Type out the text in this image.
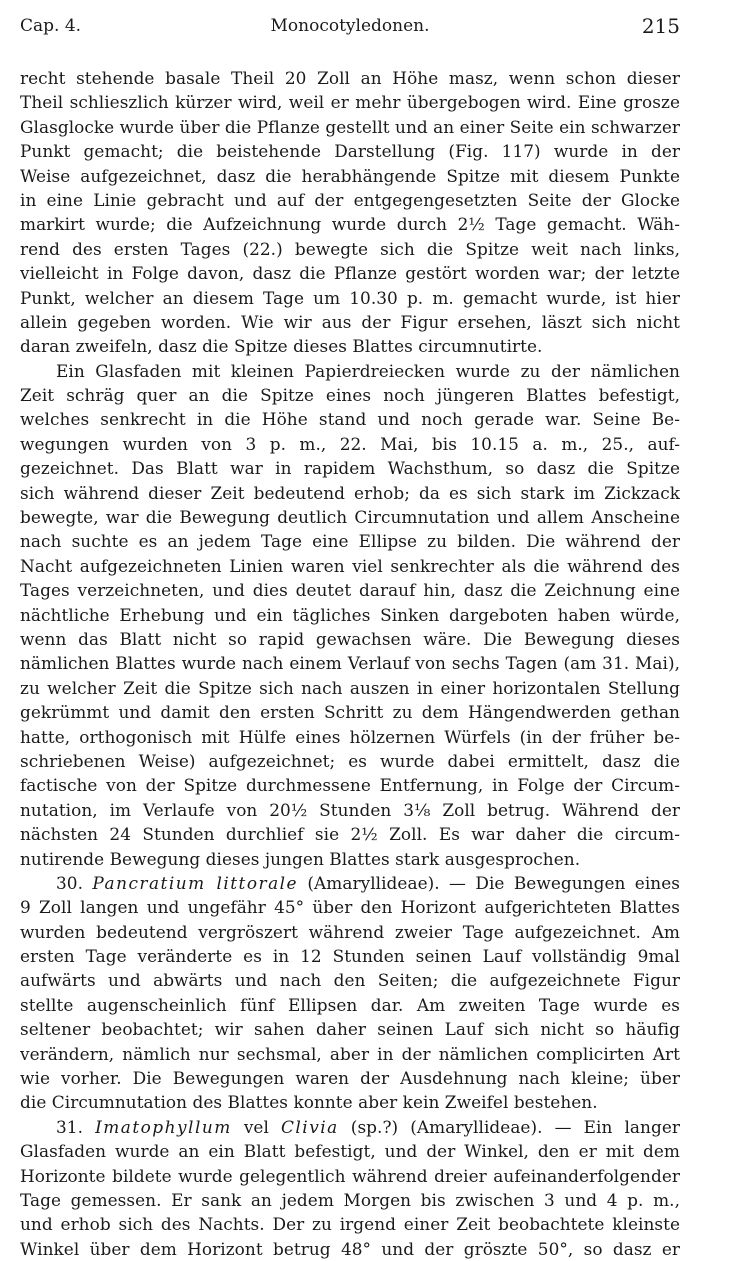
Cap. 4.	Monocotyledonen.	215
recht stehende basale Theil 20 Zoll an Höhe masz, wenn schon dieser
Theil schlieszlich kürzer wird, weil er mehr übergebogen wird. Eine grosze
Glasglocke wurde über die Pflanze gestellt und an einer Seite ein schwarzer
Punkt gemacht; die beistehende Darstellung (Fig. 117) wurde in der
Weise aufgezeichnet, dasz die herabhängende Spitze mit diesem Punkte
in eine Linie gebracht und auf der entgegengesetzten Seite der Glocke
markirt wurde; die Aufzeichnung wurde durch 2½ Tage gemacht. Wäh-
rend des ersten Tages (22.) bewegte sich die Spitze weit nach links,
vielleicht in Folge davon, dasz die Pflanze gestört worden war; der letzte
Punkt, welcher an diesem Tage um 10.30 p. m. gemacht wurde, ist hier
allein gegeben worden. Wie wir aus der Figur ersehen, läszt sich nicht
daran zweifeln, dasz die Spitze dieses Blattes circumnutirte.
Ein Glasfaden mit kleinen Papierdreiecken wurde zu der nämlichen
Zeit schräg quer an die Spitze eines noch jüngeren Blattes befestigt,
welches senkrecht in die Höhe stand und noch gerade war. Seine Be-
wegungen wurden von 3 p. m., 22. Mai, bis 10.15 a. m., 25., auf-
gezeichnet. Das Blatt war in rapidem Wachsthum, so dasz die Spitze
sich während dieser Zeit bedeutend erhob; da es sich stark im Zickzack
bewegte, war die Bewegung deutlich Circumnutation und allem Anscheine
nach suchte es an jedem Tage eine Ellipse zu bilden. Die während der
Nacht aufgezeichneten Linien waren viel senkrechter als die während des
Tages verzeichneten, und dies deutet darauf hin, dasz die Zeichnung eine
nächtliche Erhebung und ein tägliches Sinken dargeboten haben würde,
wenn das Blatt nicht so rapid gewachsen wäre. Die Bewegung dieses
nämlichen Blattes wurde nach einem Verlauf von sechs Tagen (am 31. Mai),
zu welcher Zeit die Spitze sich nach auszen in einer horizontalen Stellung
gekrümmt und damit den ersten Schritt zu dem Hängendwerden gethan
hatte, orthogonisch mit Hülfe eines hölzernen Würfels (in der früher be-
schriebenen Weise) aufgezeichnet; es wurde dabei ermittelt, dasz die
factische von der Spitze durchmessene Entfernung, in Folge der Circum-
nutation, im Verlaufe von 20½ Stunden 3⅛ Zoll betrug. Während der
nächsten 24 Stunden durchlief sie 2½ Zoll. Es war daher die circum-
nutirende Bewegung dieses jungen Blattes stark ausgesprochen.
30. Pancratium littorale (Amaryllideae). — Die Bewegungen eines
9 Zoll langen und ungefähr 45° über den Horizont aufgerichteten Blattes
wurden bedeutend vergröszert während zweier Tage aufgezeichnet. Am
ersten Tage veränderte es in 12 Stunden seinen Lauf vollständig 9mal
aufwärts und abwärts und nach den Seiten; die aufgezeichnete Figur
stellte augenscheinlich fünf Ellipsen dar. Am zweiten Tage wurde es
seltener beobachtet; wir sahen daher seinen Lauf sich nicht so häufig
verändern, nämlich nur sechsmal, aber in der nämlichen complicirten Art
wie vorher. Die Bewegungen waren der Ausdehnung nach kleine; über
die Circumnutation des Blattes konnte aber kein Zweifel bestehen.
31. Imatophyllum vel Clivia (sp.?) (Amaryllideae). — Ein langer
Glasfaden wurde an ein Blatt befestigt, und der Winkel, den er mit dem
Horizonte bildete wurde gelegentlich während dreier aufeinanderfolgender
Tage gemessen. Er sank an jedem Morgen bis zwischen 3 und 4 p. m.,
und erhob sich des Nachts. Der zu irgend einer Zeit beobachtete kleinste
Winkel über dem Horizont betrug 48° und der gröszte 50°, so dasz er
